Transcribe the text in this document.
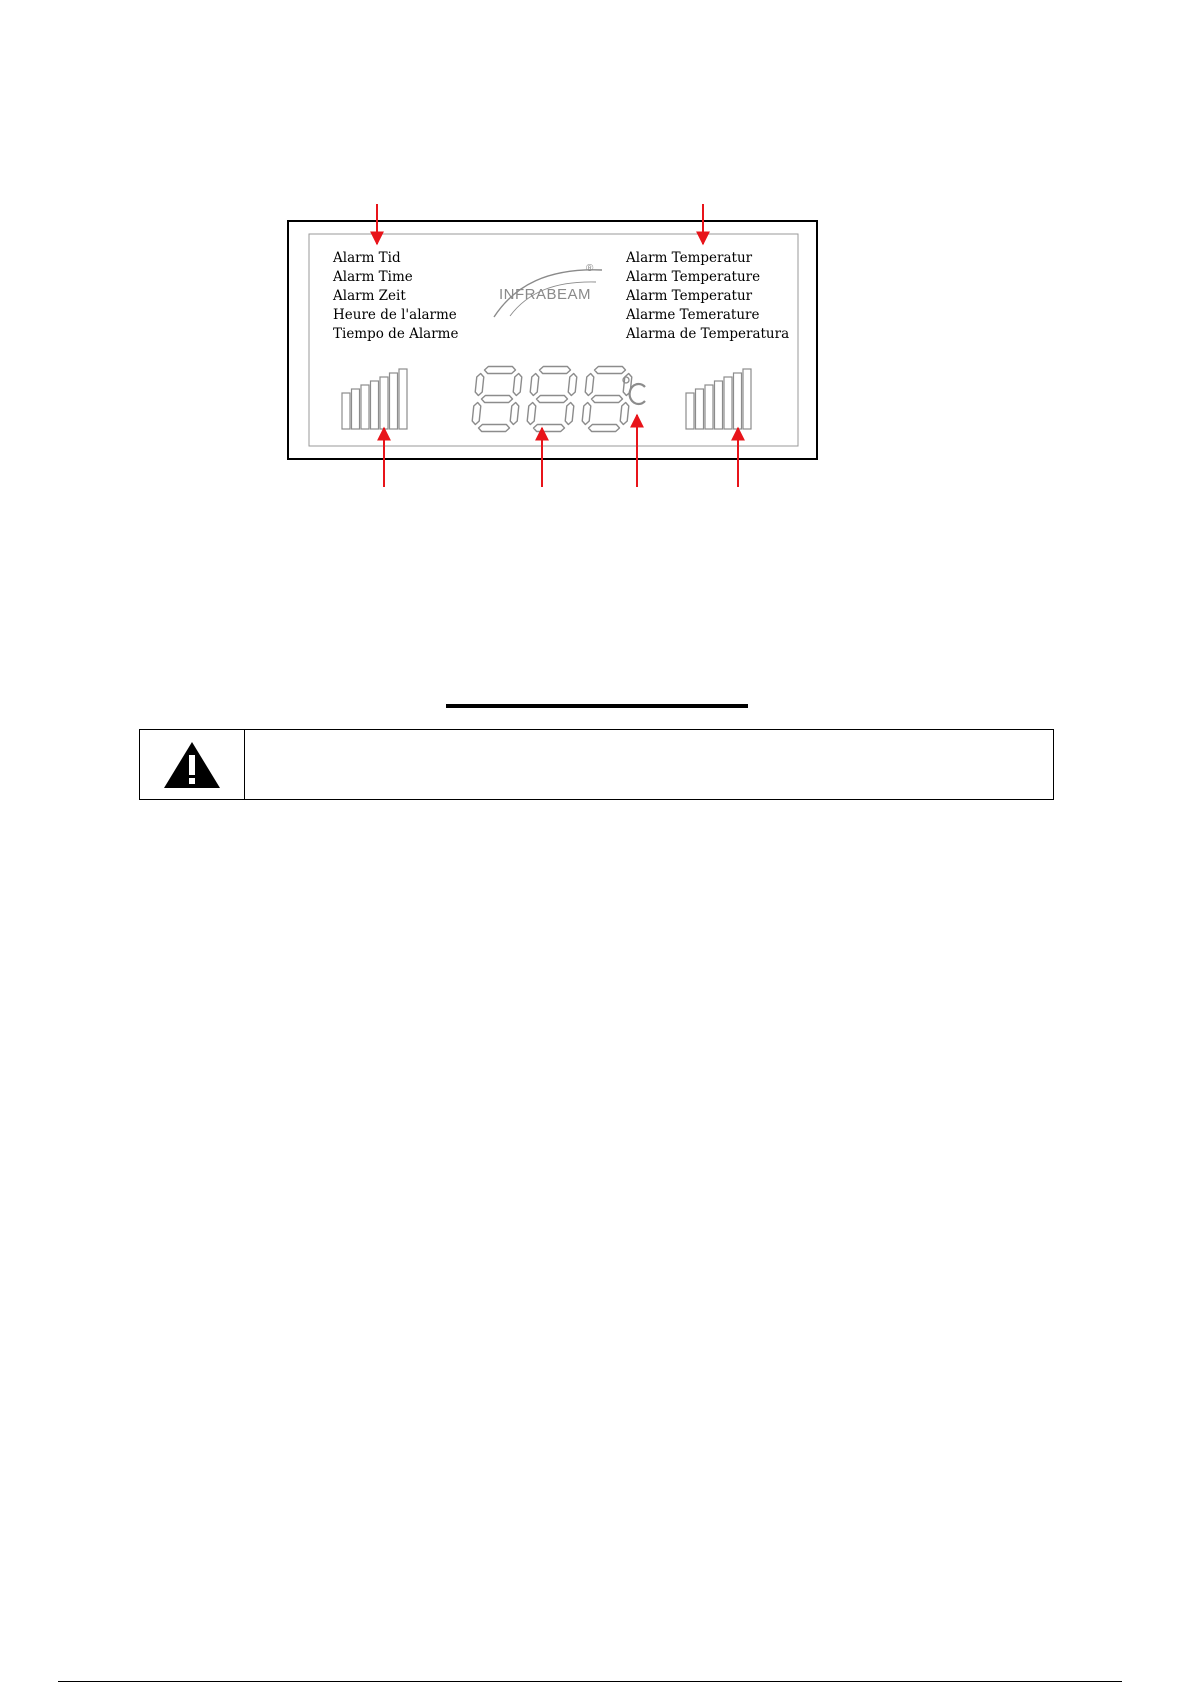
Alarm Tid
Alarm Time
Alarm Zeit
Heure de l'alarme
Tiempo de Alarme
Alarm Temperatur
Alarm Temperature
Alarm Temperatur
Alarme Temerature
Alarma de Temperatura
INFRABEAM
®
